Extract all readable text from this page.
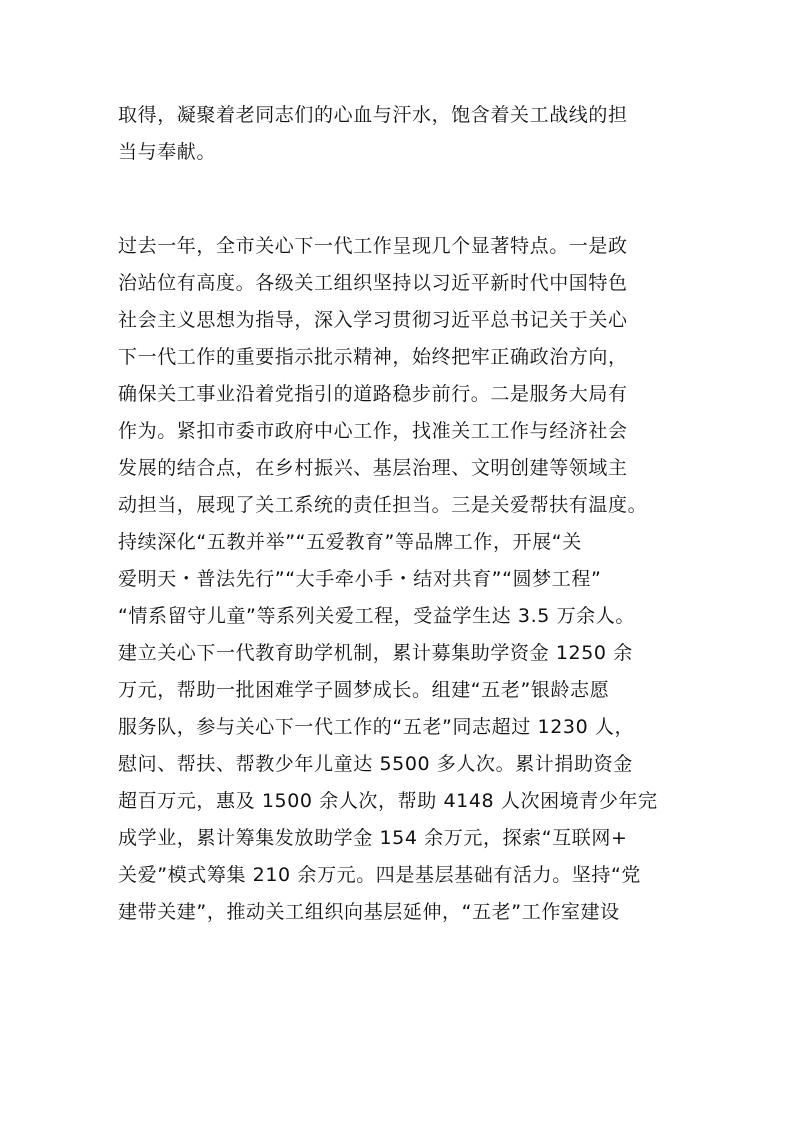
取得，凝聚着老同志们的心血与汗水，饱含着关工战线的担
当与奉献。
过去一年，全市关心下一代工作呈现几个显著特点。一是政
治站位有高度。各级关工组织坚持以习近平新时代中国特色
社会主义思想为指导，深入学习贯彻习近平总书记关于关心
下一代工作的重要指示批示精神，始终把牢正确政治方向，
确保关工事业沿着党指引的道路稳步前行。二是服务大局有
作为。紧扣市委市政府中心工作，找准关工工作与经济社会
发展的结合点，在乡村振兴、基层治理、文明创建等领域主
动担当，展现了关工系统的责任担当。三是关爱帮扶有温度。
持续深化“五教并举”“五爱教育”等品牌工作，开展“关
爱明天・普法先行”“大手牵小手・结对共育”“圆梦工程”
“情系留守儿童”等系列关爱工程，受益学生达 3.5 万余人。
建立关心下一代教育助学机制，累计募集助学资金 1250 余
万元，帮助一批困难学子圆梦成长。组建“五老”银龄志愿
服务队，参与关心下一代工作的“五老”同志超过 1230 人，
慰问、帮扶、帮教少年儿童达 5500 多人次。累计捐助资金
超百万元，惠及 1500 余人次，帮助 4148 人次困境青少年完
成学业，累计筹集发放助学金 154 余万元，探索“互联网+
关爱”模式筹集 210 余万元。四是基层基础有活力。坚持“党
建带关建”，推动关工组织向基层延伸，“五老”工作室建设
